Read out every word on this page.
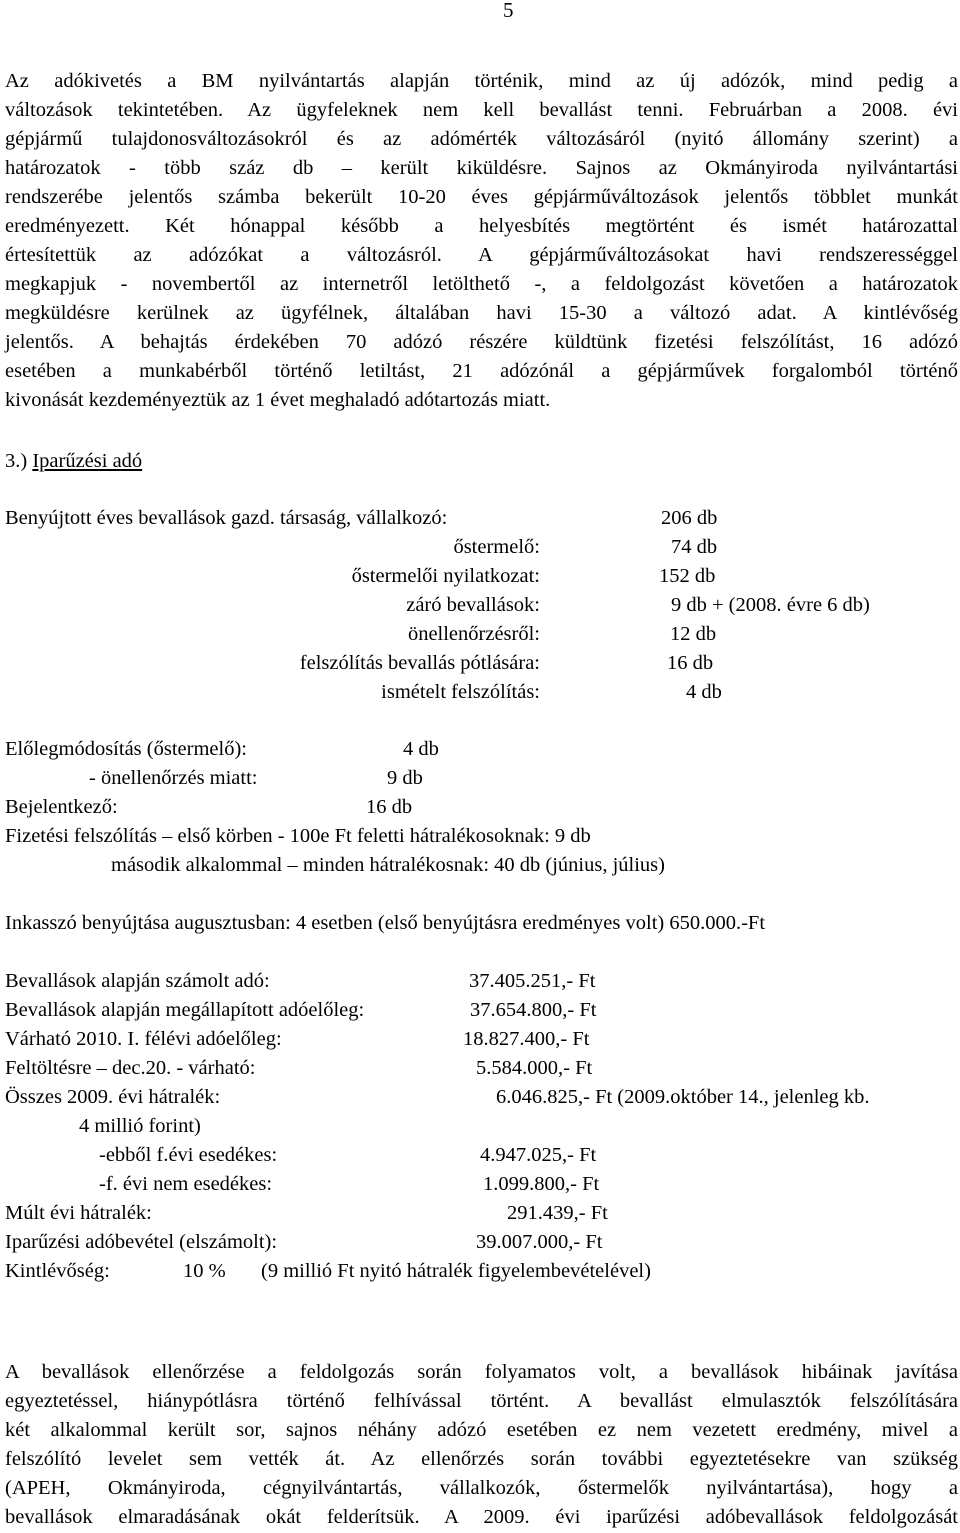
5
Az adókivetés a BM nyilvántartás alapján történik, mind az új adózók, mind pedig a
változások tekintetében. Az ügyfeleknek nem kell bevallást tenni. Februárban a 2008. évi
gépjármű tulajdonosváltozásokról és az adómérték változásáról (nyitó állomány szerint) a
határozatok - több száz db – került kiküldésre. Sajnos az Okmányiroda nyilvántartási
rendszerébe jelentős számba bekerült 10-20 éves gépjárműváltozások jelentős többlet munkát
eredményezett. Két hónappal később a helyesbítés megtörtént és ismét határozattal
értesítettük az adózókat a változásról. A gépjárműváltozásokat havi rendszerességgel
megkapjuk - novembertől az internetről letölthető -, a feldolgozást követően a határozatok
megküldésre kerülnek az ügyfélnek, általában havi 15-30 a változó adat. A kintlévőség
jelentős. A behajtás érdekében 70 adózó részére küldtünk fizetési felszólítást, 16 adózó
esetében a munkabérből történő letiltást, 21 adózónál a gépjárművek forgalomból történő
kivonását kezdeményeztük az 1 évet meghaladó adótartozás miatt.
3.) Iparűzési adó
Benyújtott éves bevallások gazd. társaság, vállalkozó:	206 db
őstermelő:	74 db
őstermelői nyilatkozat:	152 db
záró bevallások:	9 db + (2008. évre 6 db)
önellenőrzésről:	12 db
felszólítás bevallás pótlására:	16 db
ismételt felszólítás:	4 db
Előlegmódosítás (őstermelő):	4 db
- önellenőrzés miatt:	9 db
Bejelentkező:	16 db
Fizetési felszólítás – első körben - 100e Ft feletti hátralékosoknak: 9 db
második alkalommal – minden hátralékosnak: 40 db (június, július)
Inkasszó benyújtása augusztusban: 4 esetben (első benyújtásra eredményes volt) 650.000.-Ft
Bevallások alapján számolt adó:	37.405.251,- Ft
Bevallások alapján megállapított adóelőleg:	37.654.800,- Ft
Várható 2010. I. félévi adóelőleg:	18.827.400,- Ft
Feltöltésre – dec.20. - várható:	5.584.000,- Ft
Összes 2009. évi hátralék:	6.046.825,- Ft (2009.október 14., jelenleg kb.
4 millió forint)
-ebből f.évi esedékes:	4.947.025,- Ft
-f. évi nem esedékes:	1.099.800,- Ft
Múlt évi hátralék:	291.439,- Ft
Iparűzési adóbevétel (elszámolt):	39.007.000,- Ft
Kintlévőség:	10 % (9 millió Ft nyitó hátralék figyelembevételével)
A bevallások ellenőrzése a feldolgozás során folyamatos volt, a bevallások hibáinak javítása
egyeztetéssel, hiánypótlásra történő felhívással történt. A bevallást elmulasztók felszólítására
két alkalommal került sor, sajnos néhány adózó esetében ez nem vezetett eredmény, mivel a
felszólító levelet sem vették át. Az ellenőrzés során további egyeztetésekre van szükség
(APEH, Okmányiroda, cégnyilvántartás, vállalkozók, őstermelők nyilvántartása), hogy a
bevallások elmaradásának okát felderítsük. A 2009. évi iparűzési adóbevallások feldolgozását
